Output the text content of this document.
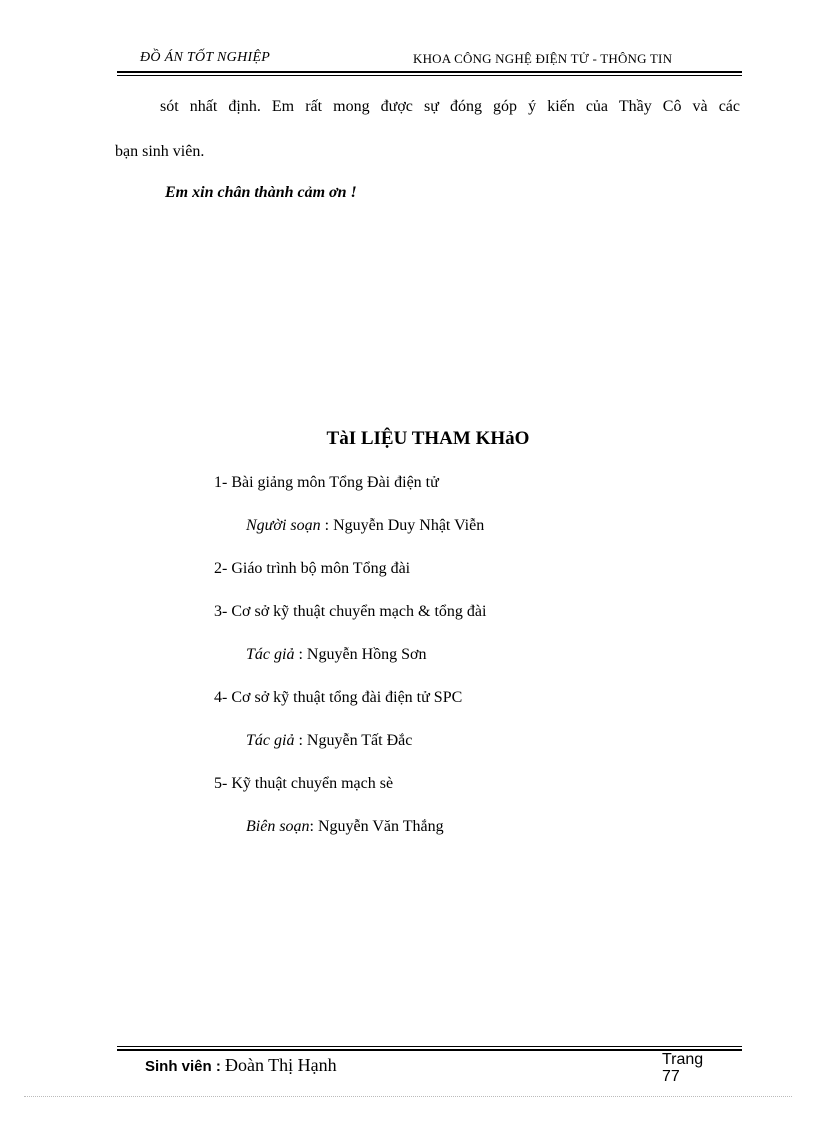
ĐỒ ÁN TỐT NGHIỆP	KHOA CÔNG NGHỆ ĐIỆN TỬ - THÔNG TIN
sót nhất định. Em rất mong được sự đóng góp ý kiến của Thầy Cô và các
bạn sinh viên.
Em xin chân thành cảm ơn !
TàI LIỆU THAM KHảO
1- Bài giảng môn Tổng Đài điện tử
Người soạn : Nguyễn Duy Nhật Viễn
2- Giáo trình bộ môn Tổng đài
3- Cơ sở kỹ thuật chuyển mạch & tổng đài
Tác giả : Nguyễn Hồng Sơn
4- Cơ sở kỹ thuật tổng đài điện tử SPC
Tác giả : Nguyễn Tất Đắc
5- Kỹ thuật chuyển mạch sè
Biên soạn: Nguyễn Văn Thắng
Sinh viên : Đoàn Thị Hạnh	Trang
77
